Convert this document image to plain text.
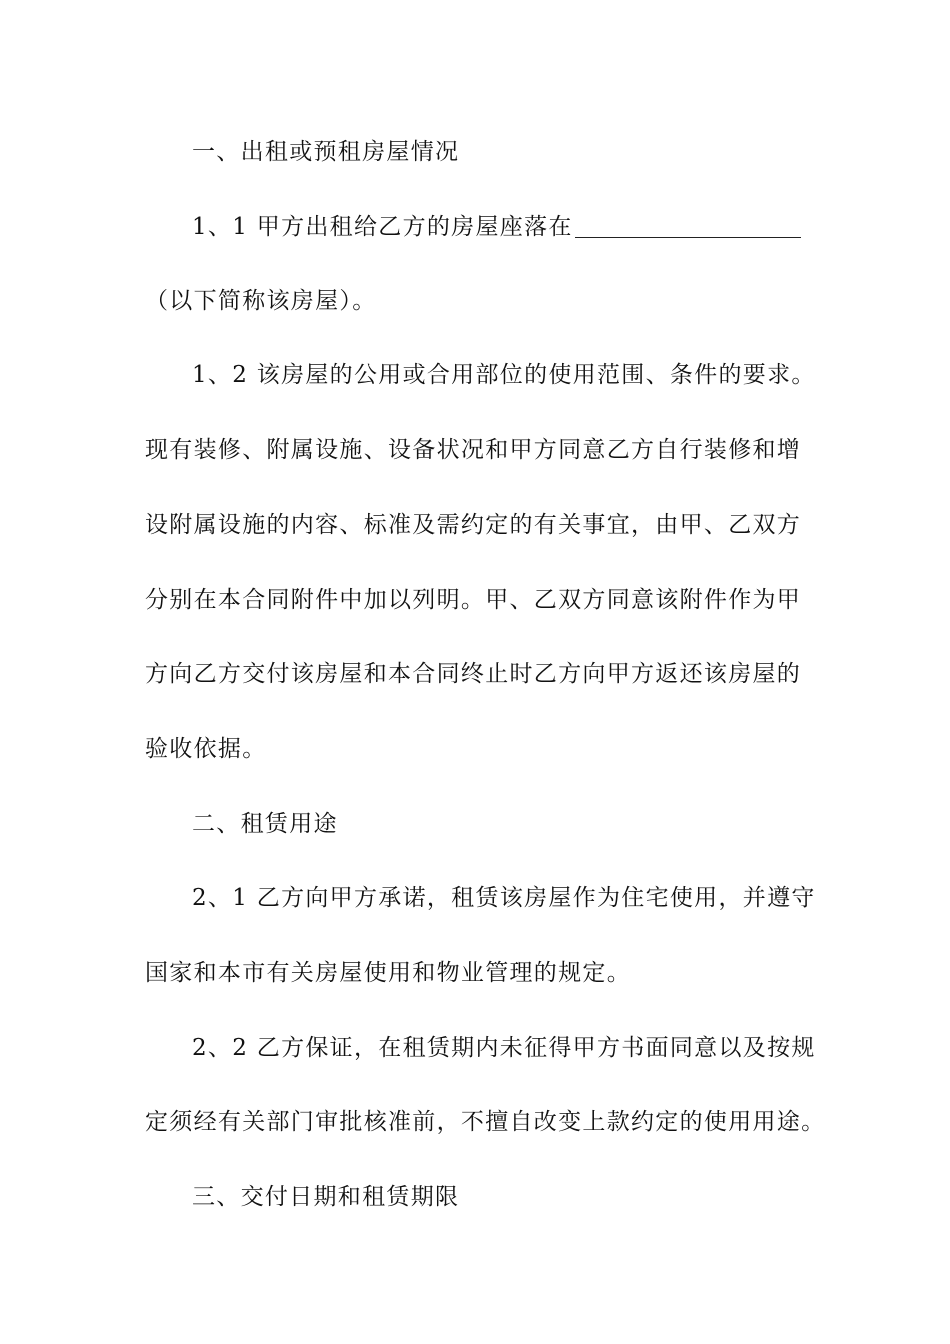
一、出租或预租房屋情况
1、1 甲方出租给乙方的房屋座落在
（以下简称该房屋）。
1、2 该房屋的公用或合用部位的使用范围、条件的要求。
现有装修、附属设施、设备状况和甲方同意乙方自行装修和增
设附属设施的内容、标准及需约定的有关事宜，由甲、乙双方
分别在本合同附件中加以列明。甲、乙双方同意该附件作为甲
方向乙方交付该房屋和本合同终止时乙方向甲方返还该房屋的
验收依据。
二、租赁用途
2、1 乙方向甲方承诺，租赁该房屋作为住宅使用，并遵守
国家和本市有关房屋使用和物业管理的规定。
2、2 乙方保证，在租赁期内未征得甲方书面同意以及按规
定须经有关部门审批核准前，不擅自改变上款约定的使用用途。
三、交付日期和租赁期限
